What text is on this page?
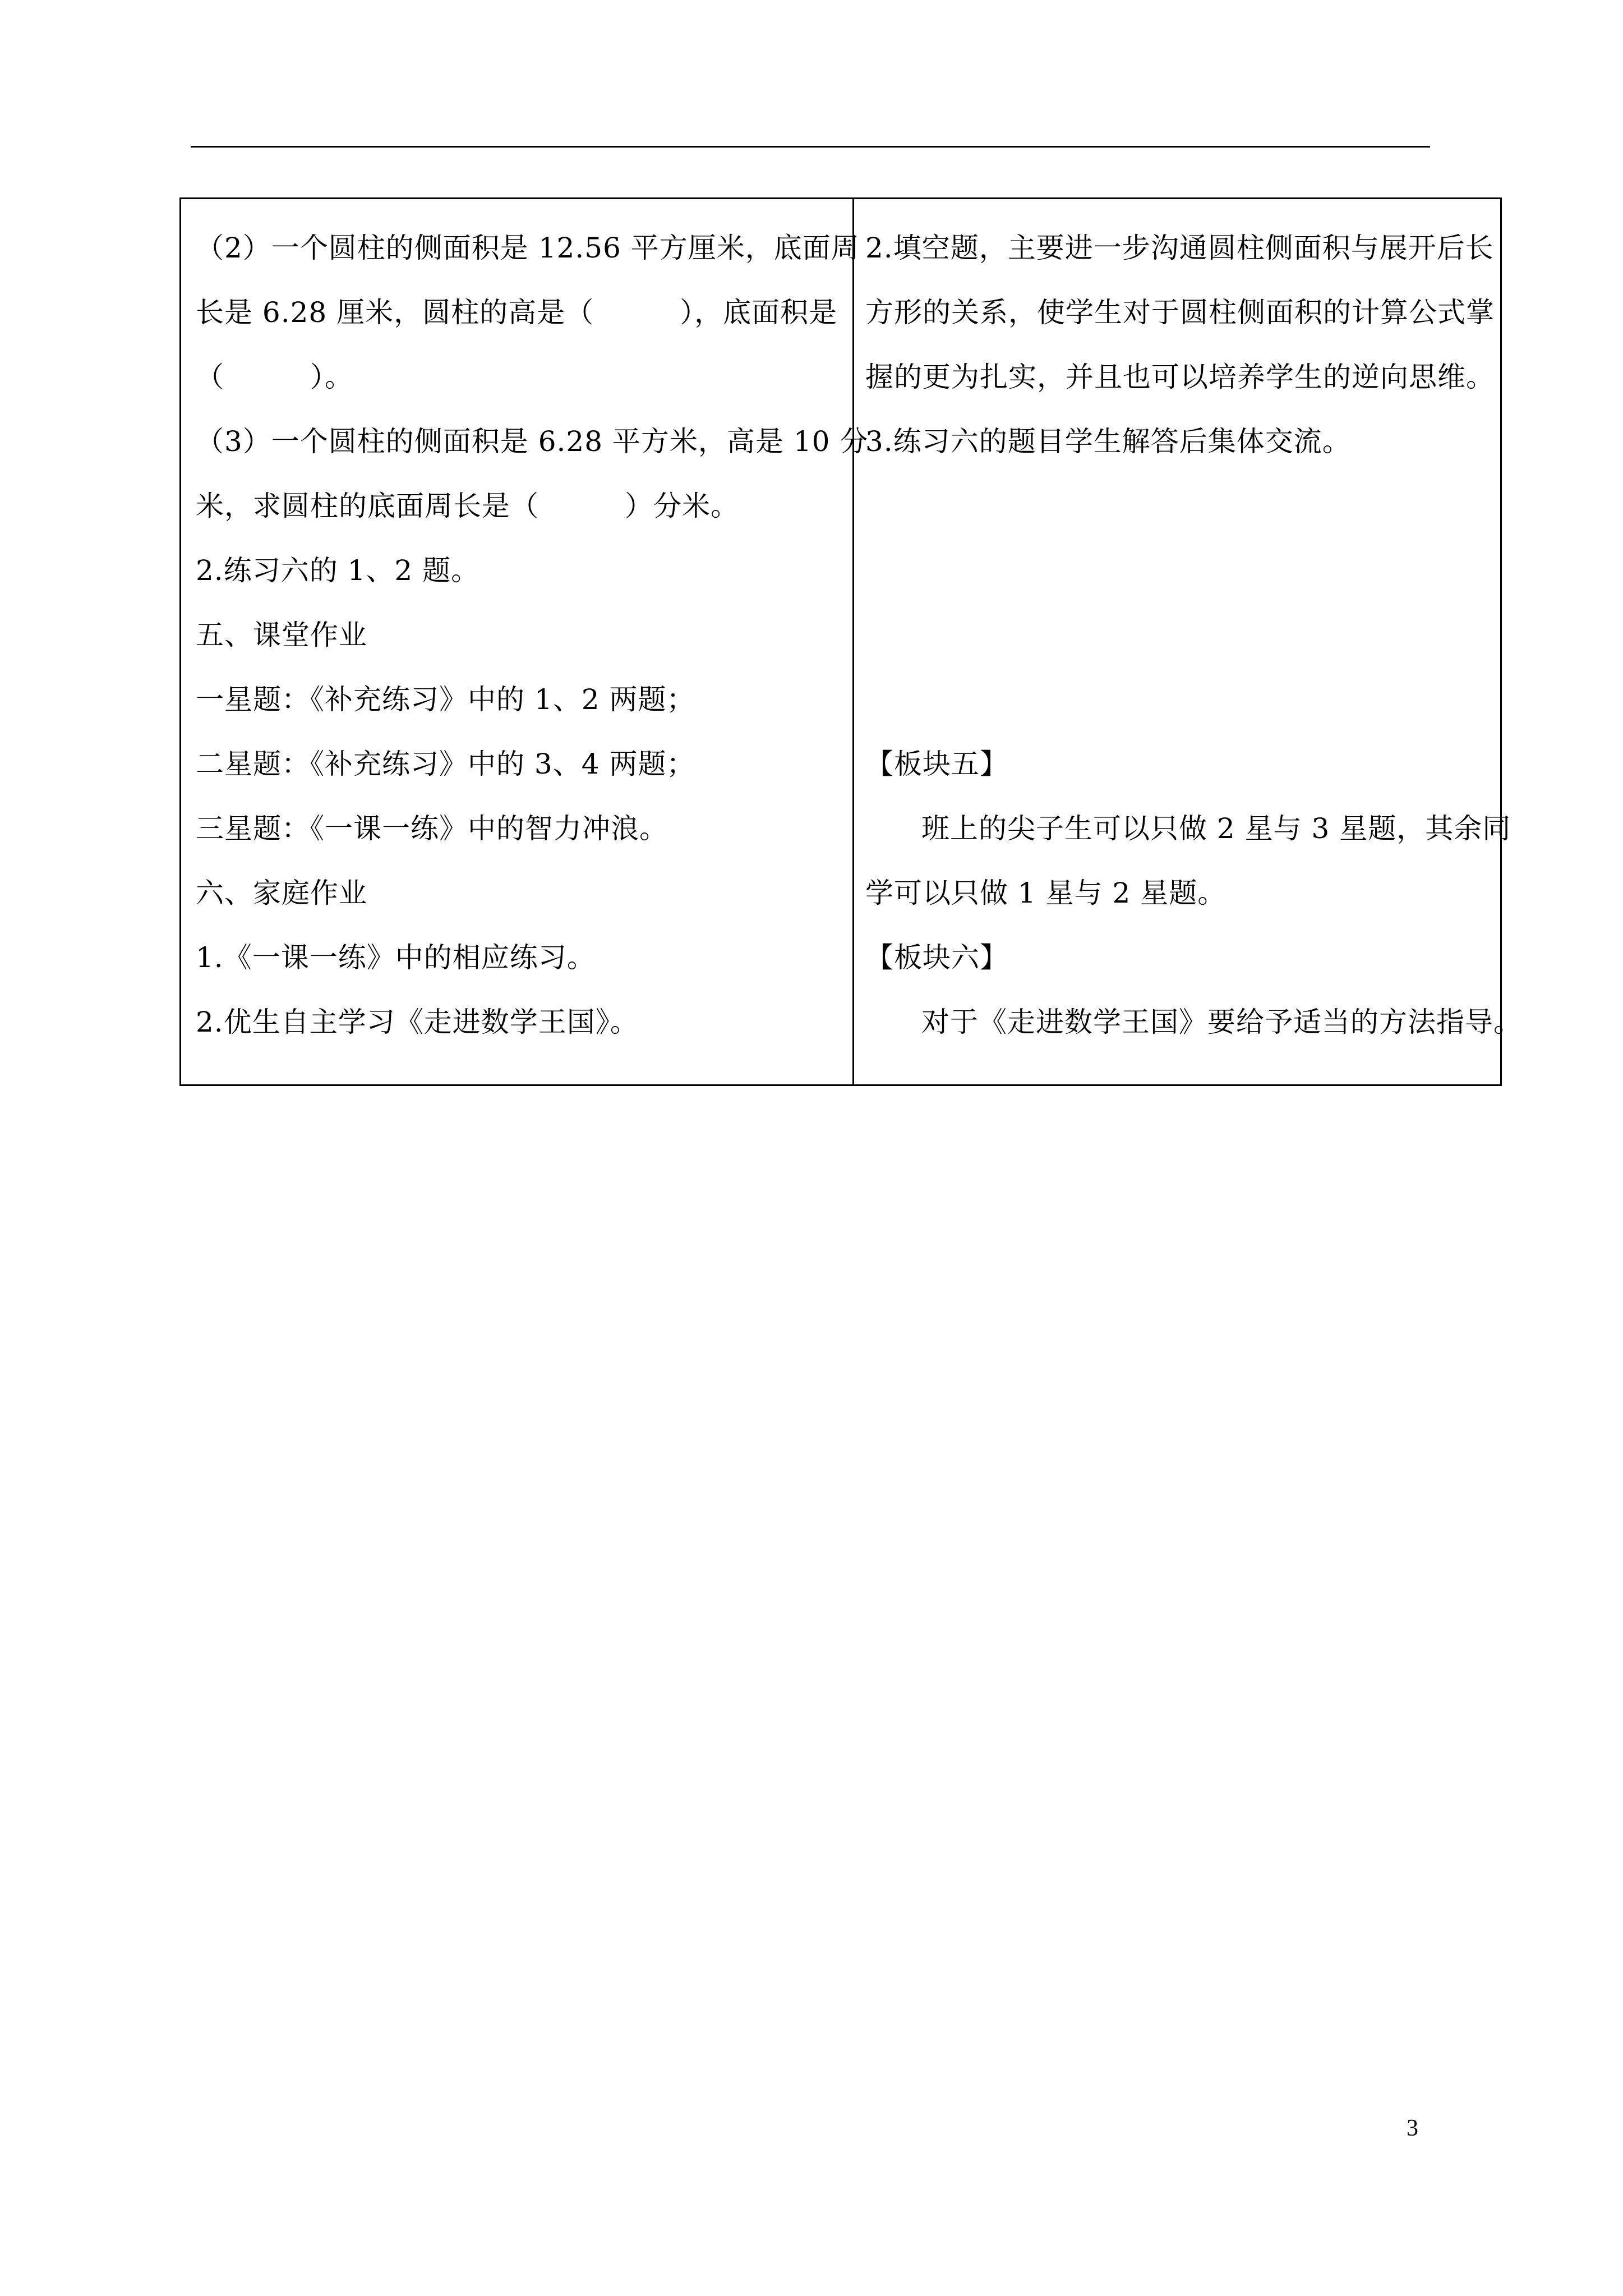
（2）一个圆柱的侧面积是 12.56 平方厘米，底面周
长是 6.28 厘米，圆柱的高是（　　　），底面积是
（　　　）。
（3）一个圆柱的侧面积是 6.28 平方米，高是 10 分
米，求圆柱的底面周长是（　　　）分米。
2.练习六的 1、2 题。
五、课堂作业
一星题：《补充练习》中的 1、2 两题；
二星题：《补充练习》中的 3、4 两题；
三星题：《一课一练》中的智力冲浪。
六、家庭作业
1.《一课一练》中的相应练习。
2.优生自主学习《走进数学王国》。
2.填空题，主要进一步沟通圆柱侧面积与展开后长
方形的关系，使学生对于圆柱侧面积的计算公式掌
握的更为扎实，并且也可以培养学生的逆向思维。
3.练习六的题目学生解答后集体交流。
【板块五】
班上的尖子生可以只做 2 星与 3 星题，其余同
学可以只做 1 星与 2 星题。
【板块六】
对于《走进数学王国》要给予适当的方法指导。
3
